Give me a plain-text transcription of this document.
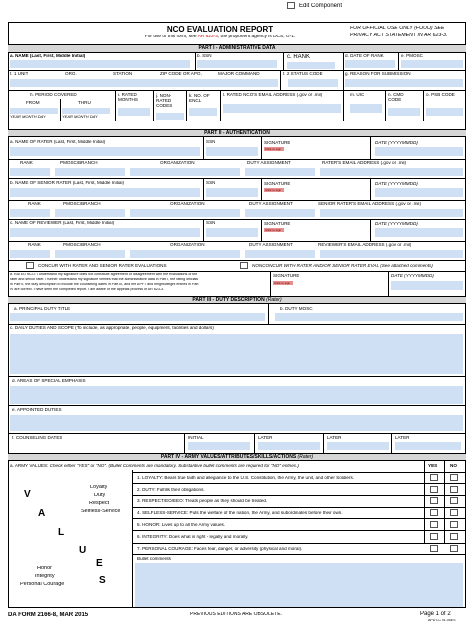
Edit Component
NCO EVALUATION REPORT
For use of this form, see AR 623-3; the proponent agency is DCS, G-1.
FOR OFFICIAL USE ONLY (FOUO) SEE
PRIVACY ACT STATEMENT IN AR 623-3.
PART I - ADMINISTRATIVE DATA
a. NAME (Last, First, Middle Initial)	b. SSN	c. RANK	d. DATE OF RANK	e. PMOSC
f. 1 UNIT	ORG.	STATION	ZIP CODE OR APO,	MAJOR COMMAND	f. 2 STATUS CODE	g. REASON FOR SUBMISSION
h. PERIOD COVERED
FROM	THRU
YEAR MONTH DAY	YEAR MONTH DAY
i. RATED MONTHS
j. NON- RATED CODES
k. NO. OF ENCL
l. RATED NCO'S EMAIL ADDRESS (.gov or .mil)	m. UIC	n. CMD CODE
o. PSB CODE
PART II - AUTHENTICATION
a. NAME OF RATER (Last, First, Middle Initial)	SSN	SIGNATURE
Click to sign
DATE (YYYYMMDD)
RANK	PMOSC/BRANCH	ORGANIZATION	DUTY ASSIGNMENT	RATER'S EMAIL ADDRESS (.gov or .mil)
b. NAME OF SENIOR RATER (Last, First, Middle Initial)	SSN	SIGNATURE
Click to sign
DATE (YYYYMMDD)
RANK	PMOSC/BRANCH	ORGANIZATION	DUTY ASSIGNMENT	SENIOR RATER'S EMAIL ADDRESS (.gov or .mil)
c. NAME OF REVIEWER (Last, First, Middle Initial)	SSN	SIGNATURE
Click to sign
DATE (YYYYMMDD)
RANK	PMOSC/BRANCH	ORGANIZATION	DUTY ASSIGNMENT	REVIEWER'S EMAIL ADDRESS (.gov or .mil)
CONCUR WITH RATER AND SENIOR RATER EVALUATIONS	NONCONCUR WITH RATER AND/OR SENIOR RATER EVAL (See attached comments)
d. RATED NCO: I understand my signature does not constitute agreement or disagreement with the evaluations of the
rater and senior rater. I further understand my signature verifies that the administrative data in Part I, the rating officials
in Part II, the duty description to include the counseling dates in Part III, and the APFT and height/weight entries in Part
IV are correct. I have seen the completed report. I am aware of the appeals process of AR 623-3.
SIGNATURE
Click to sign
DATE (YYYYMMDD)
PART III - DUTY DESCRIPTION (Rater)
a. PRINCIPAL DUTY TITLE	b. DUTY MOSC
c. DAILY DUTIES AND SCOPE (To include, as appropriate, people, equipment, facilities and dollars)
d. AREAS OF SPECIAL EMPHASIS
e. APPOINTED DUTIES
f. COUNSELING DATES	INITIAL	LATER	LATER	LATER
PART IV - ARMY VALUES/ATTRIBUTES/SKILLS/ACTIONS (Rater)
a. ARMY VALUES: Check either "YES" or "NO". (Bullet Comments are mandatory. Substantive bullet comments are required for "NO" entries.)	YES	NO
Loyalty
Duty
Respect
Selfless-Service
V
A
L
U
E
S
Honor
Integrity
Personal Courage
1. LOYALTY: Bears true faith and allegiance to the U.S. Constitution, the Army, the unit, and other Soldiers.
2. DUTY: Fulfills their obligations.
3. RESPECT/EO/EEO: Treats people as they should be treated.
4. SELFLESS-SERVICE: Puts the welfare of the nation, the Army, and subordinates before their own.
5. HONOR: Lives up to all the Army values.
6. INTEGRITY: Does what is right - legally and morally.
7. PERSONAL COURAGE: Faces fear, danger, or adversity (physical and moral).
Bullet comments
DA FORM 2166-8, MAR 2015	PREVIOUS EDITIONS ARE OBSOLETE.	Page 1 of 2
APD LC v1.05ES
